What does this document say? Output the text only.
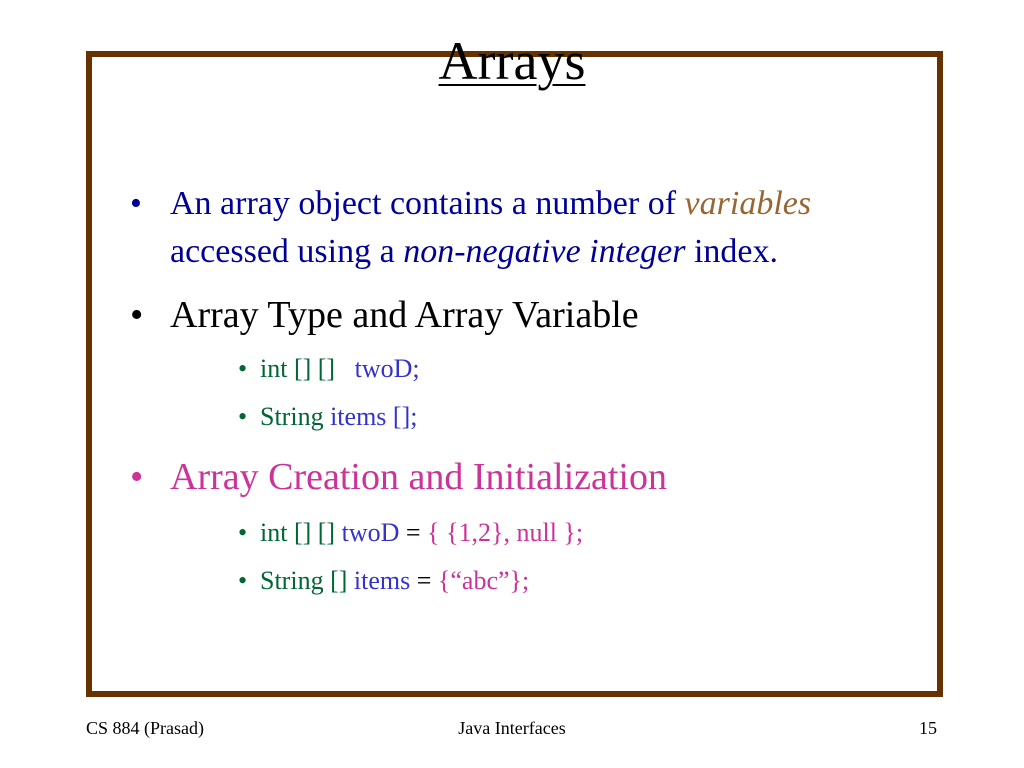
Arrays
• An array object contains a number of variables
accessed using a non-negative integer index.
• Array Type and Array Variable
• int [] [] twoD;
• String items [];
• Array Creation and Initialization
• int [] [] twoD = { {1,2}, null };
• String [] items = {“abc”};
CS 884 (Prasad)	Java Interfaces	15
